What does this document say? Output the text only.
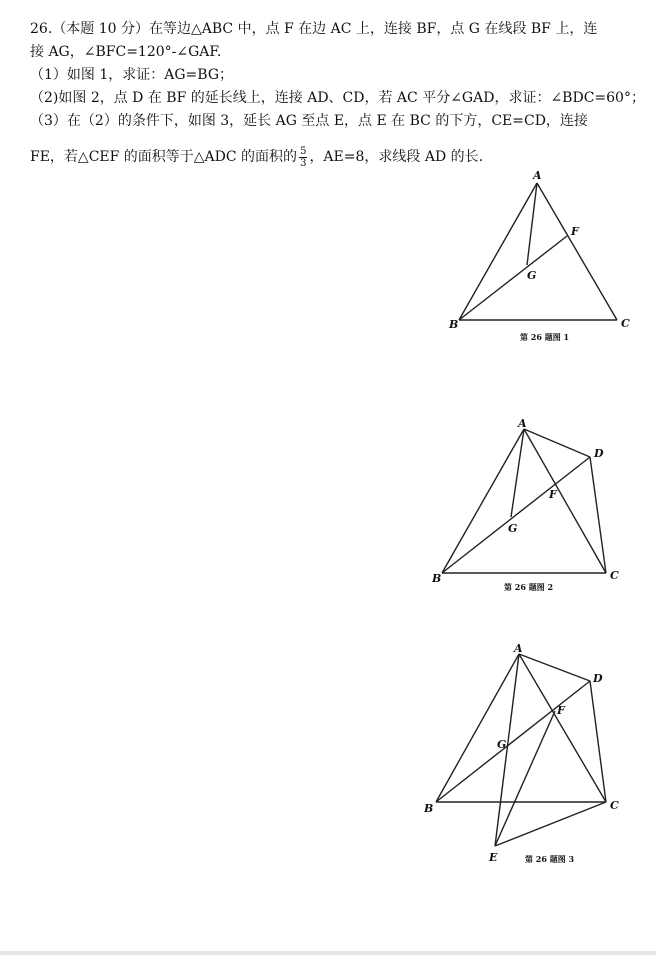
26.（本题 10 分）在等边△ABC 中，点 F 在边 AC 上，连接 BF，点 G 在线段 BF 上，连
接 AG，∠BFC=120°-∠GAF.
（1）如图 1，求证：AG=BG；
（2)如图 2，点 D 在 BF 的延长线上，连接 AD、CD，若 AC 平分∠GAD，求证：∠BDC=60°；
（3）在（2）的条件下，如图 3，延长 AG 至点 E，点 E 在 BC 的下方，CE=CD，连接
FE，若△CEF 的面积等于△ADC 的面积的 $\frac{5}{3}$ ，AE=8，求线段 AD 的长.
A
B	C
F
G
第 26 题图 1
A
B	C
D
F
G
第 26 题图 2
A
B	C
D
E
F
G
第 26 题图 3
